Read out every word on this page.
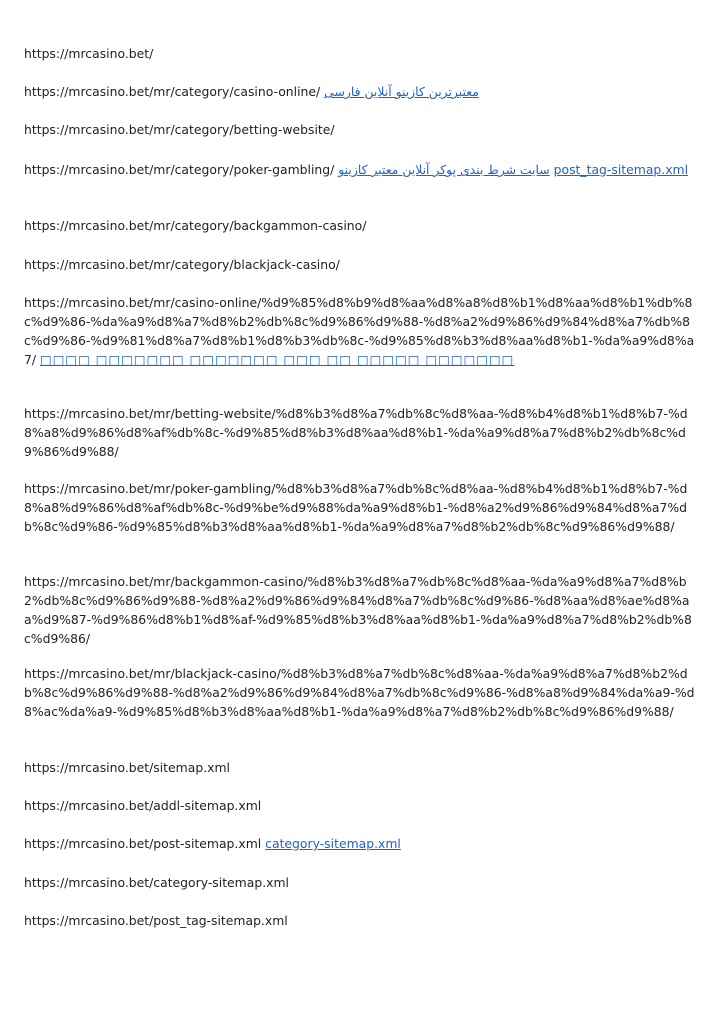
https://mrcasino.bet/
https://mrcasino.bet/mr/category/casino-online/ معتبرترین کازینو آنلاین فارسی
https://mrcasino.bet/mr/category/betting-website/
https://mrcasino.bet/mr/category/poker-gambling/ سایت شرط بندی پوکر آنلاین معتبر کازینو post_tag-sitemap.xml
https://mrcasino.bet/mr/category/backgammon-casino/
https://mrcasino.bet/mr/category/blackjack-casino/
https://mrcasino.bet/mr/casino-online/%d9%85%d8%b9%d8%aa%d8%a8%d8%b1%d8%aa%d8%b1%db%8c%d9%86-%da%a9%d8%a7%d8%b2%db%8c%d9%86%d9%88-%d8%a2%d9%86%d9%84%d8%a7%db%8c%d9%86-%d9%81%d8%a7%d8%b1%d8%b3%db%8c-%d9%85%d8%b3%d8%aa%d8%b1-%da%a9%d8%a7/ □□□□ □□□□□□□ □□□□□□□ □□□ □□ □□□□□ □□□□□□□
https://mrcasino.bet/mr/betting-website/%d8%b3%d8%a7%db%8c%d8%aa-%d8%b4%d8%b1%d8%b7-%d8%a8%d9%86%d8%af%db%8c-%d9%85%d8%b3%d8%aa%d8%b1-%da%a9%d8%a7%d8%b2%db%8c%d9%86%d9%88/
https://mrcasino.bet/mr/poker-gambling/%d8%b3%d8%a7%db%8c%d8%aa-%d8%b4%d8%b1%d8%b7-%d8%a8%d9%86%d8%af%db%8c-%d9%be%d9%88%da%a9%d8%b1-%d8%a2%d9%86%d9%84%d8%a7%db%8c%d9%86-%d9%85%d8%b3%d8%aa%d8%b1-%da%a9%d8%a7%d8%b2%db%8c%d9%86%d9%88/
https://mrcasino.bet/mr/backgammon-casino/%d8%b3%d8%a7%db%8c%d8%aa-%da%a9%d8%a7%d8%b2%db%8c%d9%86%d9%88-%d8%a2%d9%86%d9%84%d8%a7%db%8c%d9%86-%d8%aa%d8%ae%d8%aa%d9%87-%d9%86%d8%b1%d8%af-%d9%85%d8%b3%d8%aa%d8%b1-%da%a9%d8%a7%d8%b2%db%8c%d9%86/
https://mrcasino.bet/mr/blackjack-casino/%d8%b3%d8%a7%db%8c%d8%aa-%da%a9%d8%a7%d8%b2%db%8c%d9%86%d9%88-%d8%a2%d9%86%d9%84%d8%a7%db%8c%d9%86-%d8%a8%d9%84%da%a9-%d8%ac%da%a9-%d9%85%d8%b3%d8%aa%d8%b1-%da%a9%d8%a7%d8%b2%db%8c%d9%86%d9%88/
https://mrcasino.bet/sitemap.xml
https://mrcasino.bet/addl-sitemap.xml
https://mrcasino.bet/post-sitemap.xml category-sitemap.xml
https://mrcasino.bet/category-sitemap.xml
https://mrcasino.bet/post_tag-sitemap.xml
